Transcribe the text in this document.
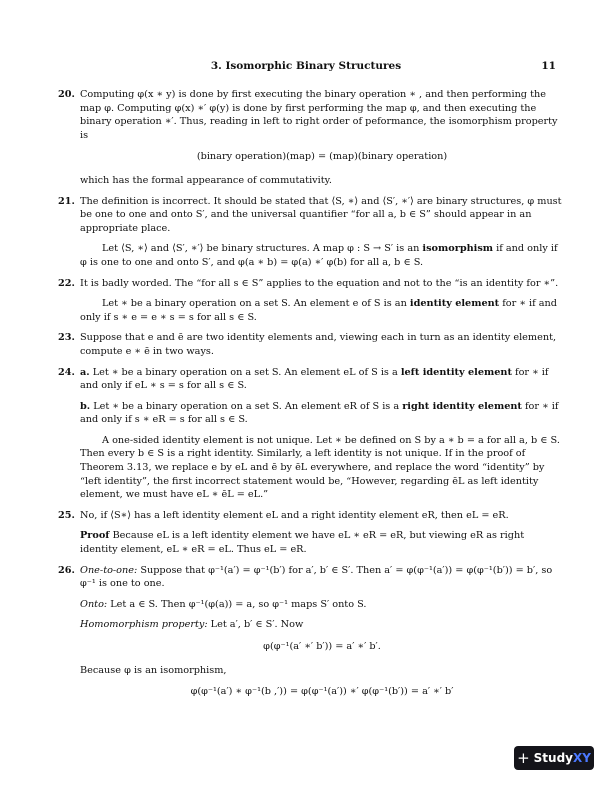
3. Isomorphic Binary Structures	11
20. Computing φ(x ∗ y) is done by first executing the binary operation ∗ , and then performing the map φ. Computing φ(x) ∗′ φ(y) is done by first performing the map φ, and then executing the binary operation ∗′. Thus, reading in left to right order of peformance, the isomorphism property is

(binary operation)(map) = (map)(binary operation)

which has the formal appearance of commutativity.

21. The definition is incorrect. It should be stated that ⟨S, ∗⟩ and ⟨S′, ∗′⟩ are binary structures, φ must be one to one and onto S′, and the universal quantifier “for all a, b ∈ S” should appear in an appropriate place.

Let ⟨S, ∗⟩ and ⟨S′, ∗′⟩ be binary structures. A map φ : S → S′ is an isomorphism if and only if φ is one to one and onto S′, and φ(a ∗ b) = φ(a) ∗′ φ(b) for all a, b ∈ S.

22. It is badly worded. The “for all s ∈ S” applies to the equation and not to the “is an identity for ∗”.

Let ∗ be a binary operation on a set S. An element e of S is an identity element for ∗ if and only if s ∗ e = e ∗ s = s for all s ∈ S.

23. Suppose that e and ē are two identity elements and, viewing each in turn as an identity element, compute e ∗ ē in two ways.

24. a. Let ∗ be a binary operation on a set S. An element eL of S is a left identity element for ∗ if and only if eL ∗ s = s for all s ∈ S.

b. Let ∗ be a binary operation on a set S. An element eR of S is a right identity element for ∗ if and only if s ∗ eR = s for all s ∈ S.

A one-sided identity element is not unique. Let ∗ be defined on S by a ∗ b = a for all a, b ∈ S. Then every b ∈ S is a right identity. Similarly, a left identity is not unique. If in the proof of Theorem 3.13, we replace e by eL and ē by ēL everywhere, and replace the word “identity” by “left identity”, the first incorrect statement would be, “However, regarding ēL as left identity element, we must have eL ∗ ēL = eL.”

25. No, if ⟨S∗⟩ has a left identity element eL and a right identity element eR, then eL = eR.

Proof Because eL is a left identity element we have eL ∗ eR = eR, but viewing eR as right identity element, eL ∗ eR = eL. Thus eL = eR.

26. One-to-one: Suppose that φ⁻¹(a′) = φ⁻¹(b′) for a′, b′ ∈ S′. Then a′ = φ(φ⁻¹(a′)) = φ(φ⁻¹(b′)) = b′, so φ⁻¹ is one to one.

Onto: Let a ∈ S. Then φ⁻¹(φ(a)) = a, so φ⁻¹ maps S′ onto S.

Homomorphism property: Let a′, b′ ∈ S′. Now

φ(φ⁻¹(a′ ∗′ b′)) = a′ ∗′ b′.

Because φ is an isomorphism,

φ(φ⁻¹(a′) ∗ φ⁻¹(b ,′)) = φ(φ⁻¹(a′)) ∗′ φ(φ⁻¹(b′)) = a′ ∗′ b′
+ Study XY
